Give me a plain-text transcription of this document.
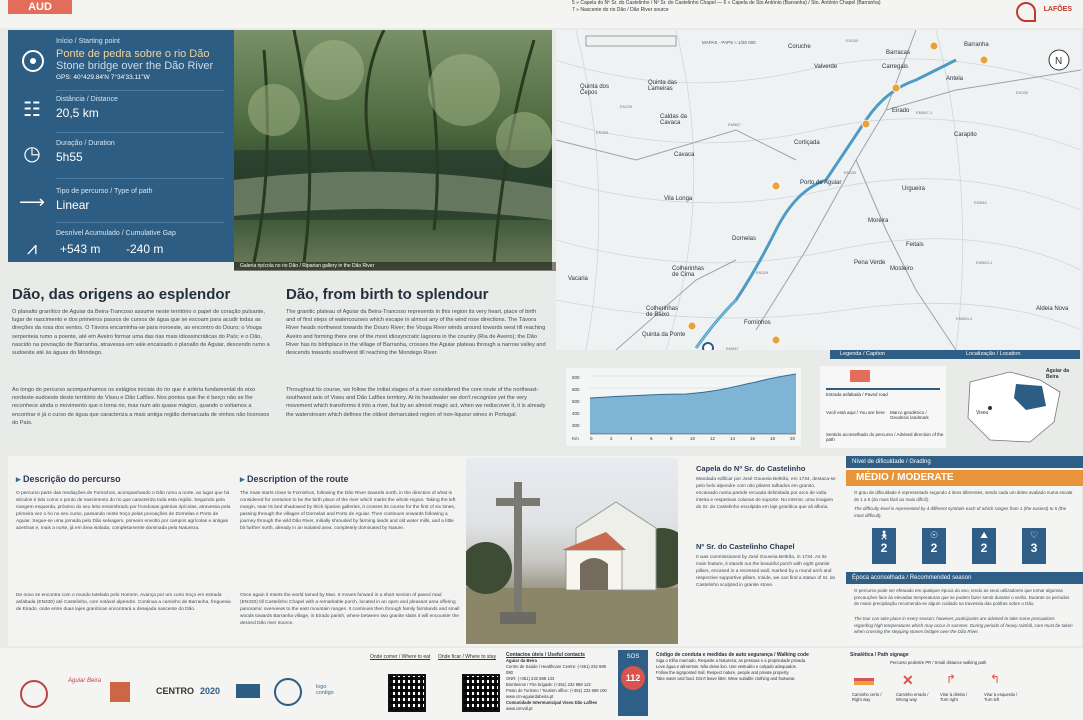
AUD	5 » Capela do Nº Sr. do Castelinho / Nº Sr. do Castelinho Chapel — 6 » Capela de Sto António (Barranha) / Sto. António Chapel (Barranha)
7 » Nascente do rio Dão / Dão River source	LAFÕES
Início / Starting point
Ponte de pedra sobre o rio Dão
Stone bridge over the Dão River
GPS: 40°429.84'N 7°34'33.11"W
☷	Distância / Distance
20,5 km
◷	Duração / Duration
5h55
⟶
Tipo de percurso / Type of path
Linear
⩘
Desnível Acumulado / Cumulative Gap
+543 m -240 m
Galeria ripícola no rio Dão / Riparian gallery in the Dão River
Dão, das origens ao esplendor
O planalto granítico de Aguiar da Beira-Trancoso assume neste território o papel de coração pulsante, lugar de nascimento e dos primeiros passos de cursos de água que se escoam para acudir todas as direções da rosa dos ventos. O Távora encaminha-se para noroeste, ao encontro do Douro; o Vouga serpenteia rumo a poente, até em Aveiro formar uma das rias mais idiossincráticas do País; e o Dão, nascido na povoação de Barranha, atravessa em vale encaixado o planalto de Aguiar, descendo rumo a sudoeste até às águas do Mondego.
Ao longo do percurso acompanhamos os estágios iniciais do rio que é artéria fundamental do eixo nordeste-sudoeste deste território de Viseu e Dão Lafões. Nos pontos que lhe é berço não se lhe reconhece ainda o movimento que o torna rio, mas num ato quase mágico, quando o voltamos a encontrar é já o curso de água que caracteriza a mais antiga região demarcada de vinhos não licorosos do País.
Dão, from birth to splendour
The granitic plateau of Aguiar da Beira-Trancoso represents in this region its very heart, place of birth and of first steps of watercourses which escape in almost any of the wind rose directions. The Távora River heads northwest towards the Douro River; the Vouga River winds around towards west till reaching Aveiro and forming there one of the most idiosyncratic lagoons in the country (Ria de Aveiro); the Dão River has its birthplace in the village of Barranha, crosses the Aguiar plateau through a narrow valley and descends towards southwest till reaching the Mondego River.
Throughout its course, we follow the initial stages of a river considered the core route of the northeast-southwest axis of Viseu and Dão Lafões territory. At its headwater we don't recognize yet the very movement which transforms it into a river, but by an almost magic act, when we rediscover it, it is already the waterstream which defines the oldest demarcated region of non-liqueur wines in Portugal.
N
MAPAS · PAPS ≈ 1/25 000
Coruche
Quinta das Lameiras
Valverde
Barracas
Carregais
Barranha
Antela
Quinta dos Cepos
Caldas da Cavaca
Eirado
Cavaca
Cortiçada
Carapito
Porto de Aguiar
Vila Longa
Urgueira
Dornelas
Moreira
Feitais
Colherinhas de Cima
Vacaria
Pena Verde
Mosteiro
Colherinhas de Baixo
Forninhos
Quinta da Ponte
Aldeia Nova
EN330
EN229
EM587
EN329
EM587-1
EN330
EM583
EN330
EM583-1
EM583-2
EN329
EM587
Legenda / Caption	Localização / Location
800
600
500
400
300
Km	0	2	4	6	8	10	12	14	16	18	20
Estrada asfaltada / Paved road
Você está aqui / You are here Marco geodésico / Geodesic landmark
Sentido aconselhado do percurso / Advised direction of the path
Aguiar da Beira
Viseu
▸ Descrição do percurso
O percurso parte das mediações de Forninhos, acompanhando o Dão rumo a norte, ao lugar que há séculos é tido como o ponto de nascimento do rio que caracteriza toda esta região. Seguindo pela margem esquerda, próximo do seu leito ensombrado por frondosas galerias ripícolas, atravessa pela primeira vez o rio no seu curso, passando neste troço pelas povoações de Dornelas e Porto de Aguiar. Segue-se uma jornada pelo Dão selvagem, primeiro envolto por campos agrícolas e antigas azenhas e, mais a norte, já em área isolada, completamente dominada pela Natureza.
De novo se encontra com o mundo tutelado pelo Homem. Avança por um curto troço em estrada asfaltada (EN330) até Castelinho, com notável alpendre. Continua a caminho de Barranha, freguesia de Eirado, onde entre duas lajes graníticas encontrará a desejada nascente do Dão.
▸ Description of the route
The route starts close to Forninhos, following the Dão River towards north, in the direction of what is considered for centuries to be the birth place of the river which marks the whole region. Taking the left margin, near its bed shadowed by thick riparian galleries, it crosses its course for the first of six times, passing through the villages of Dornelas and Porto de Aguiar. Then continues onwards following a journey through the wild Dão River, initially shrouded by farming lands and old water mills, and a little bit further north, already in an isolated area, completely dominated by Nature.
Once again it meets the world tamed by Man. It moves forward in a short section of paved road (EN330) till Castelinho Chapel with a remarkable porch, located in an open and pleasant area offering panoramic overviews to the east mountain ranges. It continues then through family farmlands and small woods towards Barranha village, in Eirado parish, where between two granite slabs it will encounter the desired Dão river source.
Capela do Nº Sr. do Castelinho
Mandada edificar por José Gouveia Beltrão, em 1734, destaca-se pelo belo alpendre com oito pilares talhados em granito, encaixado numa parede recuada delimitada por arco de volta inteira e respetivas colunas de suporte. No interior, uma imagem do Sr. do Castelinho esculpida em laje granítica que ali afloria.
Nº Sr. do Castelinho Chapel
It was commissioned by José Gouveia Beltrão, in 1734. As its main feature, it stands out the beautiful porch with eight granite pillars, encased in a recessed wall, marked by a round arch and respective supportive pillars. Inside, we can find a statue of Sr. do Castelinho sculpted in granite stone.
Nível de dificuldade / Grading
MÉDIO / MODERATE
O grau de dificuldade é representado segundo 4 itens diferentes, sendo cada um deles avaliado numa escala de 1 a 5 (do mais fácil ao mais difícil).
The difficulty level is represented by 4 different symbols each of which ranges from 1 (the easiest) to 5 (the most difficult).
🚶︎
2
☉
2
⛰
2
♡
3
Época aconselhada / Recommended season
O percurso pode ser efetuado em qualquer época do ano, tendo as seus utilizadores que tomar algumas precauções face às elevadas temperaturas que se podem fazer sentir durante o verão. Durante os períodos de maior precipitação recomenda-se algum cuidado na travessia das poldras sobre o Dão.
The tour can take place in every season; however, participants are advised to take some precautions regarding high temperatures which may occur in summer. During periods of heavy rainfall, care must be taken when crossing the stepping stones bridges over the Dão River.
Aguiar Beira
CENTRO 2020	logo contigo
Onde comer / Where to eat Onde ficar / Where to stay Contactos úteis / Useful contacts
Aguiar da Beira
Centro de Saúde / Healthcare Centre: (+351) 232 689 080
GNR: (+351) 232 688 133
Bombeiros / Fire brigade: (+351) 232 688 122
Posto de Turismo / Tourism office: (+351) 232 689 100
www.cm-aguiardabeira.pt
Comunidade Intermunicipal Viseu Dão Lafões
www.cimvdl.pt
SOS
112
Código de conduta e medidas de auto segurança / Walking code
Siga o trilho marcado. Respeite a Natureza; as pessoas e a propriedade privada.
Leve água e alimentos. Não deixe lixo. Use vestuário e calçado adequados.
Follow the signposted trail. Respect nature, people and private property.
Take water and food. Don't leave litter. Wear suitable clothing and footwear.
Sinalética / Path signage
Percurso pedestre PR / Small distance walking path
Caminho certo / Right way
✕
Caminho errado / Wrong way
↱
Virar à direita / Turn right
↰
Virar à esquerda / Turn left
